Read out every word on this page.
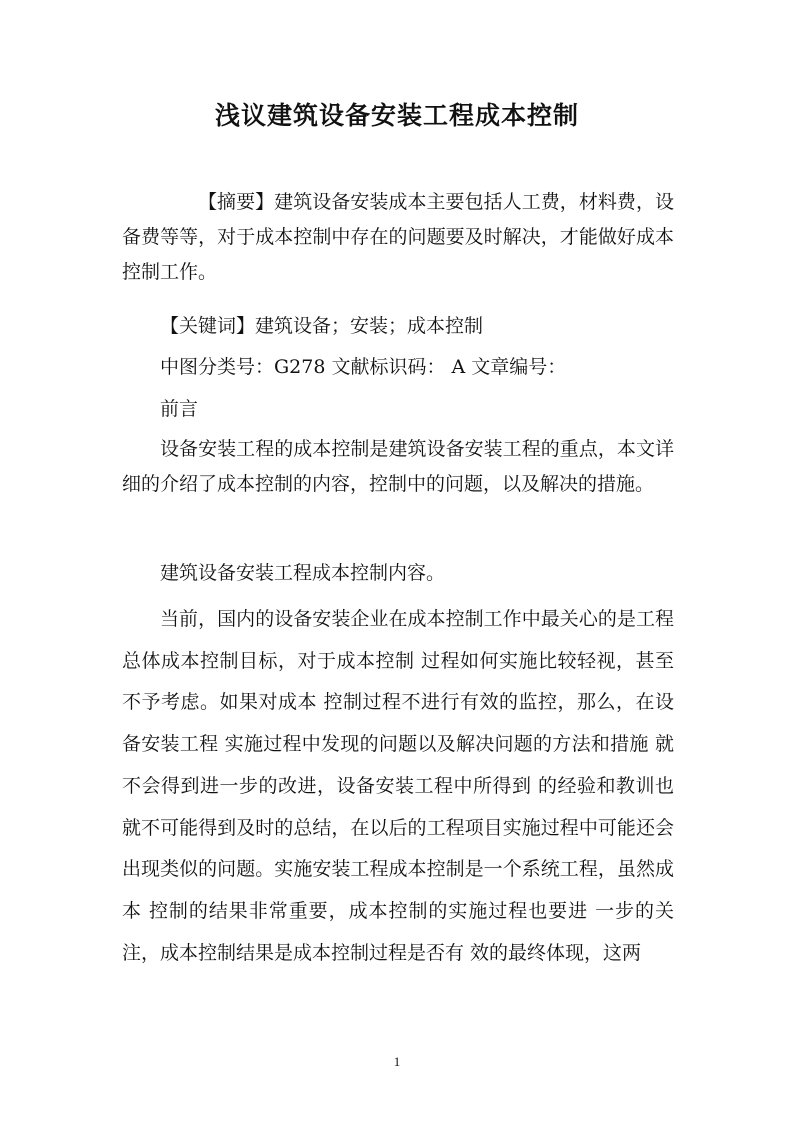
浅议建筑设备安装工程成本控制
【摘要】建筑设备安装成本主要包括人工费，材料费，设备费等等，对于成本控制中存在的问题要及时解决，才能做好成本控制工作。
【关键词】建筑设备；安装；成本控制
中图分类号：G278 文献标识码： A 文章编号：
前言
设备安装工程的成本控制是建筑设备安装工程的重点，本文详细的介绍了成本控制的内容，控制中的问题，以及解决的措施。
建筑设备安装工程成本控制内容。
当前，国内的设备安装企业在成本控制工作中最关心的是工程总体成本控制目标，对于成本控制 过程如何实施比较轻视，甚至不予考虑。如果对成本 控制过程不进行有效的监控，那么，在设备安装工程 实施过程中发现的问题以及解决问题的方法和措施 就不会得到进一步的改进，设备安装工程中所得到 的经验和教训也就不可能得到及时的总结，在以后的工程项目实施过程中可能还会出现类似的问题。实施安装工程成本控制是一个系统工程，虽然成本 控制的结果非常重要，成本控制的实施过程也要进 一步的关注，成本控制结果是成本控制过程是否有 效的最终体现，这两
1
